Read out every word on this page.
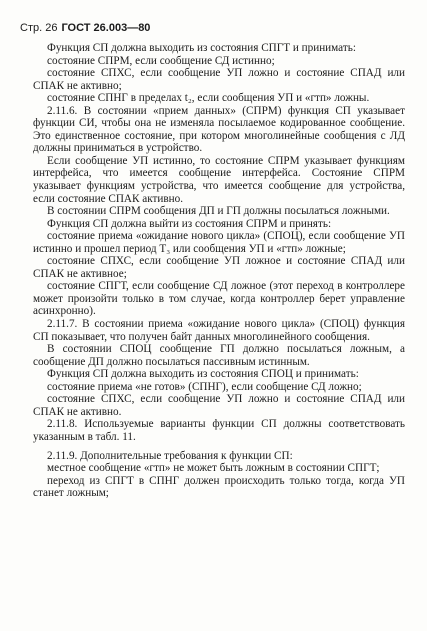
Стр. 26 ГОСТ 26.003—80

Функция СП должна выходить из состояния СПГТ и принимать:

состояние СПРМ, если сообщение СД истинно;

состояние СПХС, если сообщение УП ложно и состояние СПАД или СПАК не активно;

состояние СПНГ в пределах t₂, если сообщения УП и «гтп» ложны.

2.11.6. В состоянии «прием данных» (СПРМ) функция СП указывает функции СИ, чтобы она не изменяла посылаемое кодированное сообщение. Это единственное состояние, при котором многолинейные сообщения с ЛД должны приниматься в устройство.

Если сообщение УП истинно, то состояние СПРМ указывает функциям интерфейса, что имеется сообщение интерфейса. Состояние СПРМ указывает функциям устройства, что имеется сообщение для устройства, если состояние СПАК активно.

В состоянии СПРМ сообщения ДП и ГП должны посылаться ложными.

Функция СП должна выйти из состояния СПРМ и принять:

состояние приема «ожидание нового цикла» (СПОЦ), если сообщение УП истинно и прошел период T₃ или сообщения УП и «гтп» ложные;

состояние СПХС, если сообщение УП ложное и состояние СПАД или СПАК не активное;

состояние СПГТ, если сообщение СД ложное (этот переход в контроллере может произойти только в том случае, когда контроллер берет управление асинхронно).

2.11.7. В состоянии приема «ожидание нового цикла» (СПОЦ) функция СП показывает, что получен байт данных многолинейного сообщения.

В состоянии СПОЦ сообщение ГП должно посылаться ложным, а сообщение ДП должно посылаться пассивным истинным.

Функция СП должна выходить из состояния СПОЦ и принимать:

состояние приема «не готов» (СПНГ), если сообщение СД ложно;

состояние СПХС, если сообщение УП ложно и состояние СПАД или СПАК не активно.

2.11.8. Используемые варианты функции СП должны соответствовать указанным в табл. 11.

2.11.9. Дополнительные требования к функции СП:

местное сообщение «гтп» не может быть ложным в состоянии СПГТ;

переход из СПГТ в СПНГ должен происходить только тогда, когда УП станет ложным;
